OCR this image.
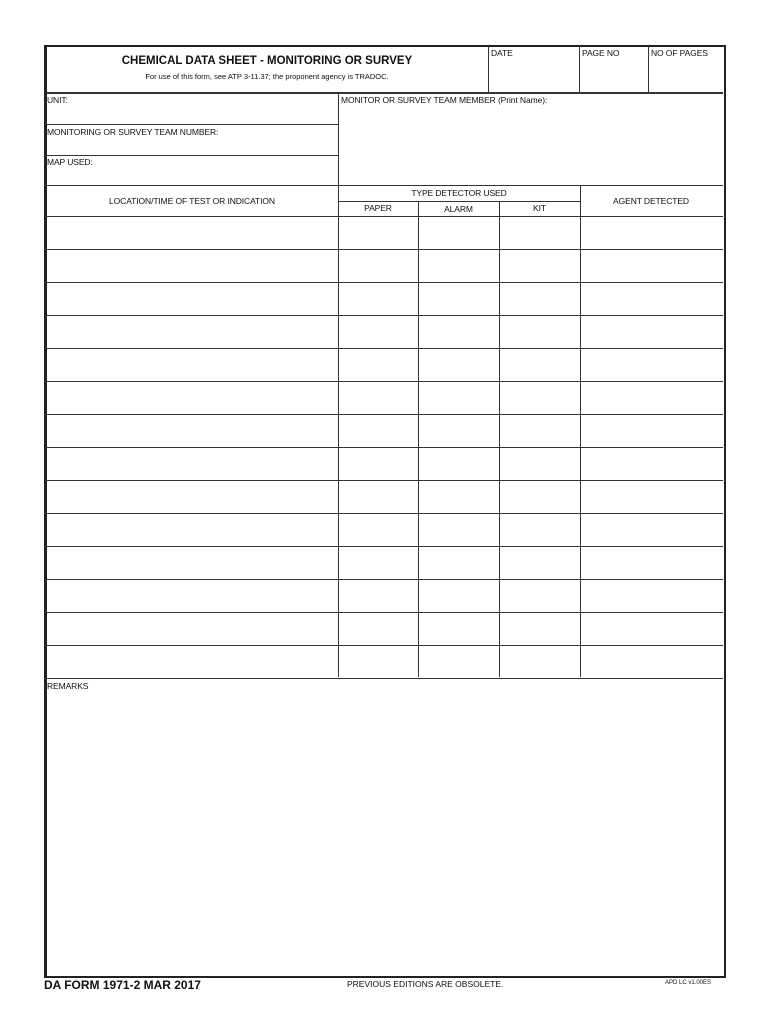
CHEMICAL DATA SHEET - MONITORING OR SURVEY
For use of this form, see ATP 3-11.37; the proponent agency is TRADOC.
DATE	PAGE NO	NO OF PAGES
UNIT:
MONITORING OR SURVEY TEAM NUMBER:
MAP USED:
MONITOR OR SURVEY TEAM MEMBER (Print Name):
LOCATION/TIME OF TEST OR INDICATION
TYPE DETECTOR USED
PAPER	ALARM	KIT
AGENT DETECTED
REMARKS
DA FORM 1971-2 MAR 2017	PREVIOUS EDITIONS ARE OBSOLETE.	APD LC v1.00ES
